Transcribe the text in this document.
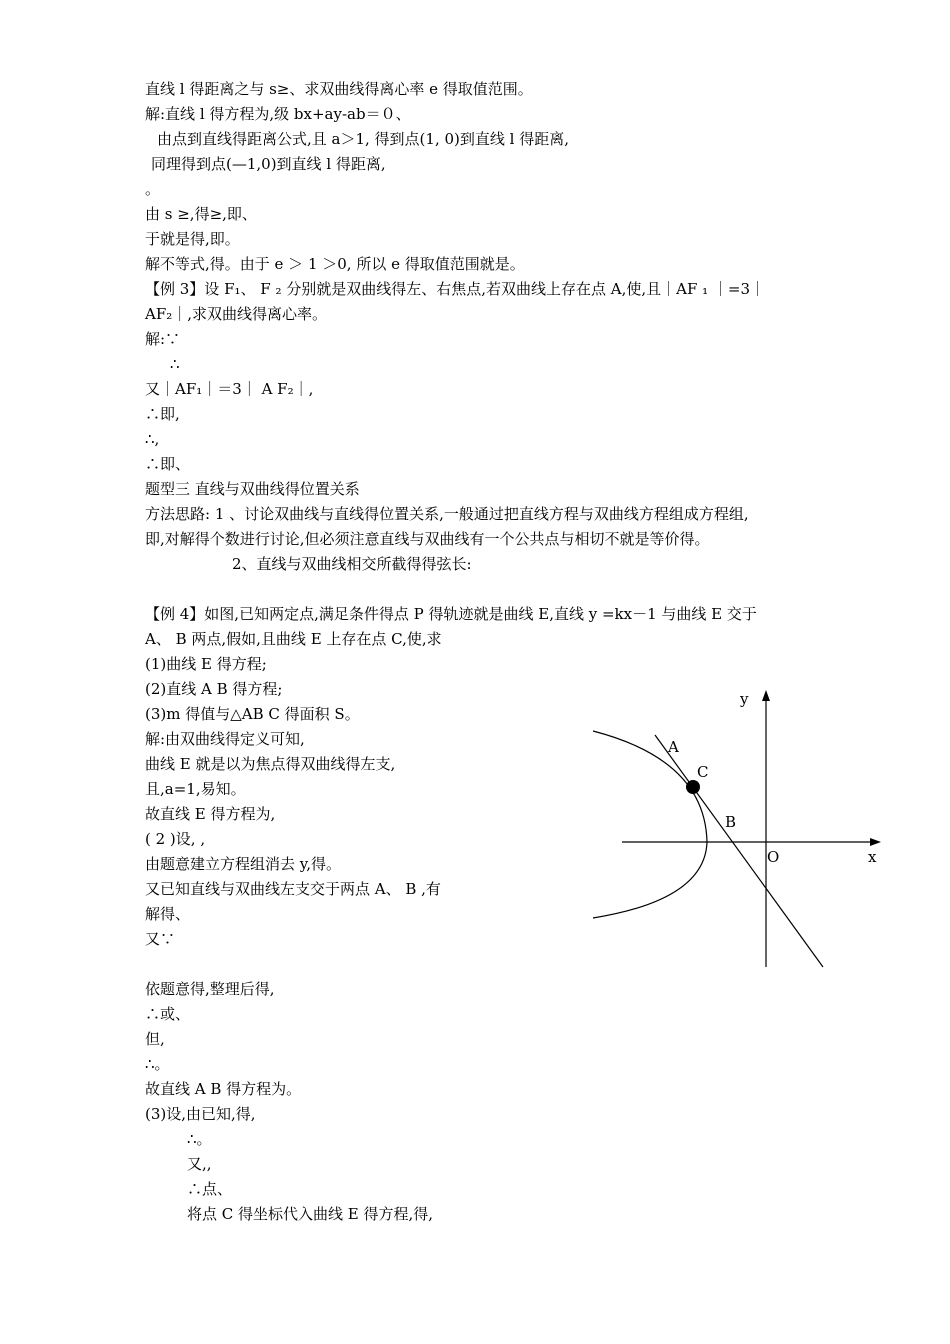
直线 l 得距离之与 s≥、求双曲线得离心率 e 得取值范围。
解:直线 l 得方程为,级 bx+ay-ab＝０、
由点到直线得距离公式,且 a＞1, 得到点(1, 0)到直线 l 得距离,
同理得到点(—1,0)到直线 l 得距离,
。
由 s ≥,得≥,即、
于就是得,即。
解不等式,得。由于 e ＞ 1 ＞0, 所以 e 得取值范围就是。
【例 3】设 F₁、 F ₂ 分别就是双曲线得左、右焦点,若双曲线上存在点 A,使,且｜AF ₁ ｜=3｜
AF₂｜,求双曲线得离心率。
解:∵
∴
又｜AF₁｜＝3｜ A F₂｜,
∴即,
∴,
∴即、
题型三 直线与双曲线得位置关系
方法思路: 1 、讨论双曲线与直线得位置关系,一般通过把直线方程与双曲线方程组成方程组,
即,对解得个数进行讨论,但必须注意直线与双曲线有一个公共点与相切不就是等价得。
2、直线与双曲线相交所截得得弦长:
【例 4】如图,已知两定点,满足条件得点 P 得轨迹就是曲线 E,直线 y =kx－1 与曲线 E 交于
A、 B 两点,假如,且曲线 E 上存在点 C,使,求
(1)曲线 E 得方程;
(2)直线 A B 得方程;
(3)m 得值与△AB C 得面积 S。
解:由双曲线得定义可知,
曲线 E 就是以为焦点得双曲线得左支,
且,a=1,易知。
故直线 E 得方程为,
( 2 )设, ,
由题意建立方程组消去 y,得。
又已知直线与双曲线左支交于两点 A、 B ,有
解得、
又∵
依题意得,整理后得,
∴或、
但,
∴。
故直线 A B 得方程为。
(3)设,由已知,得,
∴。
又,,
∴点、
将点 C 得坐标代入曲线 E 得方程,得,
y
x
O
A
C
B
